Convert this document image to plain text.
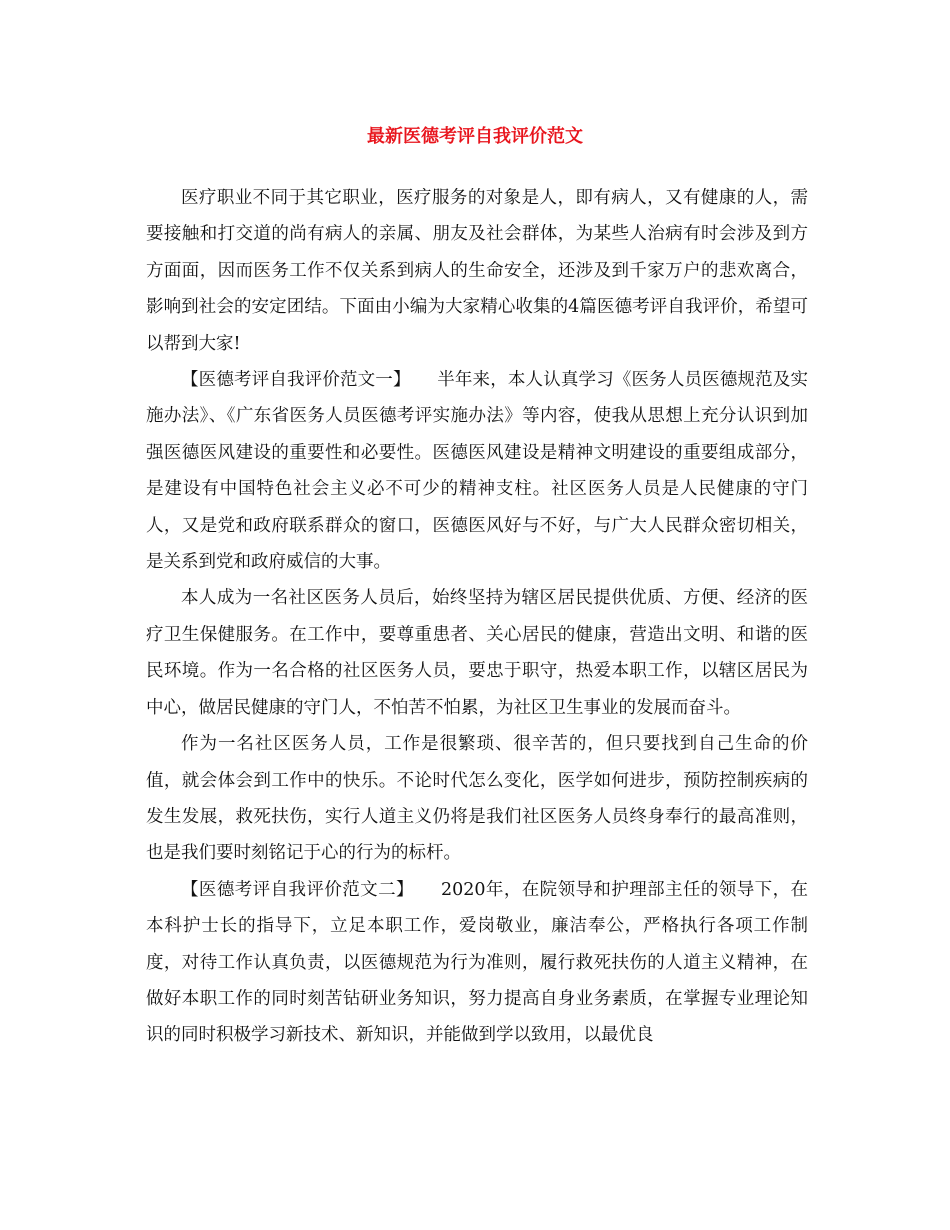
最新医德考评自我评价范文

医疗职业不同于其它职业，医疗服务的对象是人，即有病人，又有健康的人，需要接触和打交道的尚有病人的亲属、朋友及社会群体，为某些人治病有时会涉及到方方面面，因而医务工作不仅关系到病人的生命安全，还涉及到千家万户的悲欢离合，影响到社会的安定团结。下面由小编为大家精心收集的4篇医德考评自我评价，希望可以帮到大家!

【医德考评自我评价范文一】　　半年来，本人认真学习《医务人员医德规范及实施办法》、《广东省医务人员医德考评实施办法》等内容，使我从思想上充分认识到加强医德医风建设的重要性和必要性。医德医风建设是精神文明建设的重要组成部分，是建设有中国特色社会主义必不可少的精神支柱。社区医务人员是人民健康的守门人，又是党和政府联系群众的窗口，医德医风好与不好，与广大人民群众密切相关，是关系到党和政府威信的大事。

本人成为一名社区医务人员后，始终坚持为辖区居民提供优质、方便、经济的医疗卫生保健服务。在工作中，要尊重患者、关心居民的健康，营造出文明、和谐的医民环境。作为一名合格的社区医务人员，要忠于职守，热爱本职工作，以辖区居民为中心，做居民健康的守门人，不怕苦不怕累，为社区卫生事业的发展而奋斗。

作为一名社区医务人员，工作是很繁琐、很辛苦的，但只要找到自己生命的价值，就会体会到工作中的快乐。不论时代怎么变化，医学如何进步，预防控制疾病的发生发展，救死扶伤，实行人道主义仍将是我们社区医务人员终身奉行的最高准则，也是我们要时刻铭记于心的行为的标杆。

【医德考评自我评价范文二】　　2020年，在院领导和护理部主任的领导下，在本科护士长的指导下，立足本职工作，爱岗敬业，廉洁奉公，严格执行各项工作制度，对待工作认真负责，以医德规范为行为准则，履行救死扶伤的人道主义精神，在做好本职工作的同时刻苦钻研业务知识，努力提高自身业务素质，在掌握专业理论知识的同时积极学习新技术、新知识，并能做到学以致用，以最优良
